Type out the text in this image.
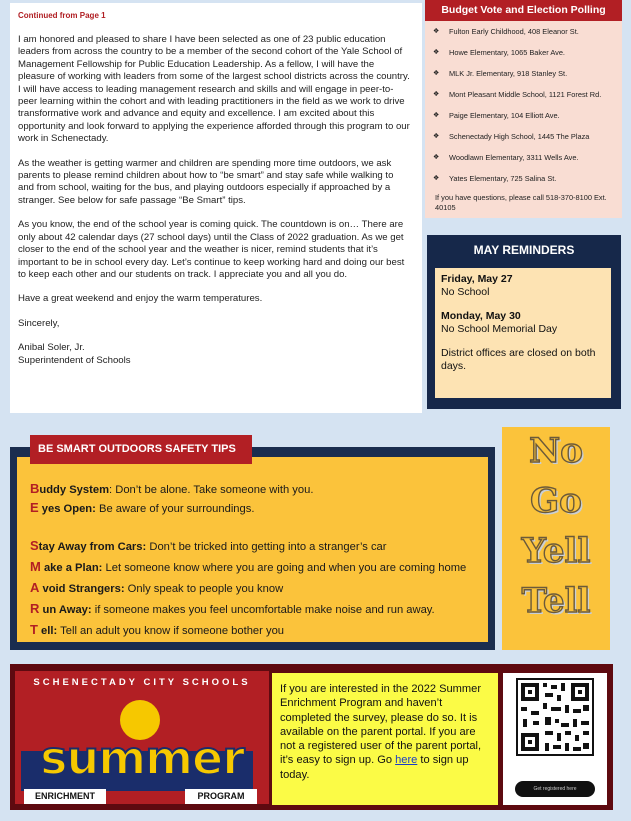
Continued from Page 1

I am honored and pleased to share I have been selected as one of 23 public education leaders from across the country to be a member of the second cohort of the Yale School of Management Fellowship for Public Education Leadership. As a fellow, I will have the pleasure of working with leaders from some of the largest school districts across the country. I will have access to leading management research and skills and will engage in peer-to-peer learning within the cohort and with leading practitioners in the field as we work to drive transformative work and advance and equity and excellence. I am excited about this opportunity and look forward to applying the experience afforded through this program to our work in Schenectady.

As the weather is getting warmer and children are spending more time outdoors, we ask parents to please remind children about how to “be smart” and stay safe while walking to and from school, waiting for the bus, and playing outdoors especially if approached by a stranger. See below for safe passage “Be Smart” tips.

As you know, the end of the school year is coming quick. The countdown is on… There are only about 42 calendar days (27 school days) until the Class of 2022 graduation. As we get closer to the end of the school year and the weather is nicer, remind students that it’s important to be in school every day. Let’s continue to keep working hard and doing our best to keep each other and our students on track. I appreciate you and all you do.

Have a great weekend and enjoy the warm temperatures.

Sincerely,

Anibal Soler, Jr.

Superintendent of Schools

Budget Vote and Election Polling
❖	Fulton Early Childhood, 408 Eleanor St.
❖	Howe Elementary, 1065 Baker Ave.
❖	MLK Jr. Elementary, 918 Stanley St.
❖	Mont Pleasant Middle School, 1121 Forest Rd.
❖	Paige Elementary, 104 Elliott Ave.
❖	Schenectady High School, 1445 The Plaza
❖	Woodlawn Elementary, 3311 Wells Ave.
❖	Yates Elementary, 725 Salina St.
If you have questions, please call 518-370-8100 Ext. 40105
MAY REMINDERS

Friday, May 27
No School

Monday, May 30
No School Memorial Day

District offices are closed on both days.

Buddy System: Don’t be alone. Take someone with you.
E yes Open: Be aware of your surroundings.
Stay Away from Cars: Don’t be tricked into getting into a stranger’s car
M ake a Plan: Let someone know where you are going and when you are coming home
A void Strangers: Only speak to people you know
R un Away: if someone makes you feel uncomfortable make noise and run away.
T ell: Tell an adult you know if someone bother you
BE SMART OUTDOORS SAFETY TIPS	No
Go
Yell
Tell
SCHENECTADY CITY SCHOOLS
summer
ENRICHMENT	PROGRAM
If you are interested in the 2022 Summer Enrichment Program and haven’t completed the survey, please do so. It is available on the parent portal. If you are not a registered user of the parent portal, it’s easy to sign up. Go here to sign up today.
Get registered here
